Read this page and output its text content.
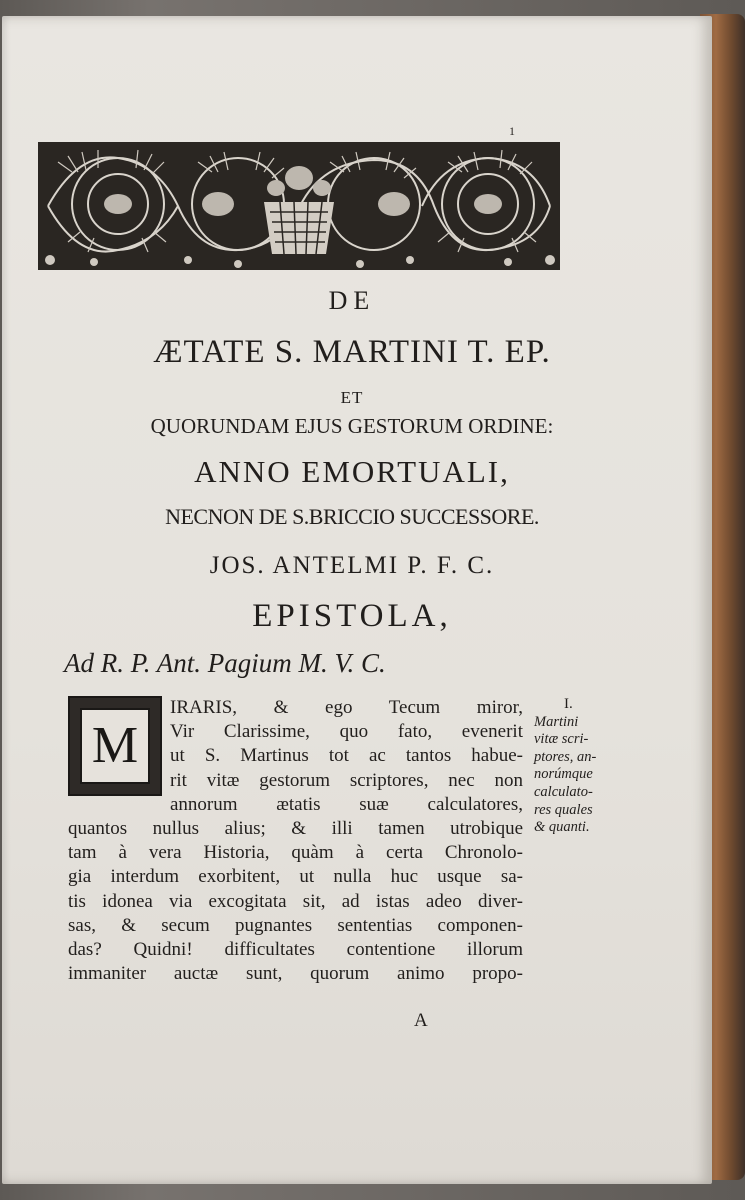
1
DE
ÆTATE S. MARTINI T. EP.
ET
QUORUNDAM EJUS GESTORUM ORDINE:
ANNO EMORTUALI,
NECNON DE S.BRICCIO SUCCESSORE.
JOS. ANTELMI P. F. C.
EPISTOLA,
Ad R. P. Ant. Pagium M. V. C.
IRARIS, & ego Tecum miror,
Vir Clarissime, quo fato, evenerit
ut S. Martinus tot ac tantos habue-
rit vitæ gestorum scriptores, nec non
annorum ætatis suæ calculatores,
quantos nullus alius; & illi tamen utrobique
tam à vera Historia, quàm à certa Chronolo-
gia interdum exorbitent, ut nulla huc usque sa-
tis idonea via excogitata sit, ad istas adeo diver-
sas, & secum pugnantes sententias componen-
das? Quidni! difficultates contentione illorum
immaniter auctæ sunt, quorum animo propo-
M
A
I.
Martini
vitæ scri-
ptores, an-
norúmque
calculato-
res quales
& quanti.
